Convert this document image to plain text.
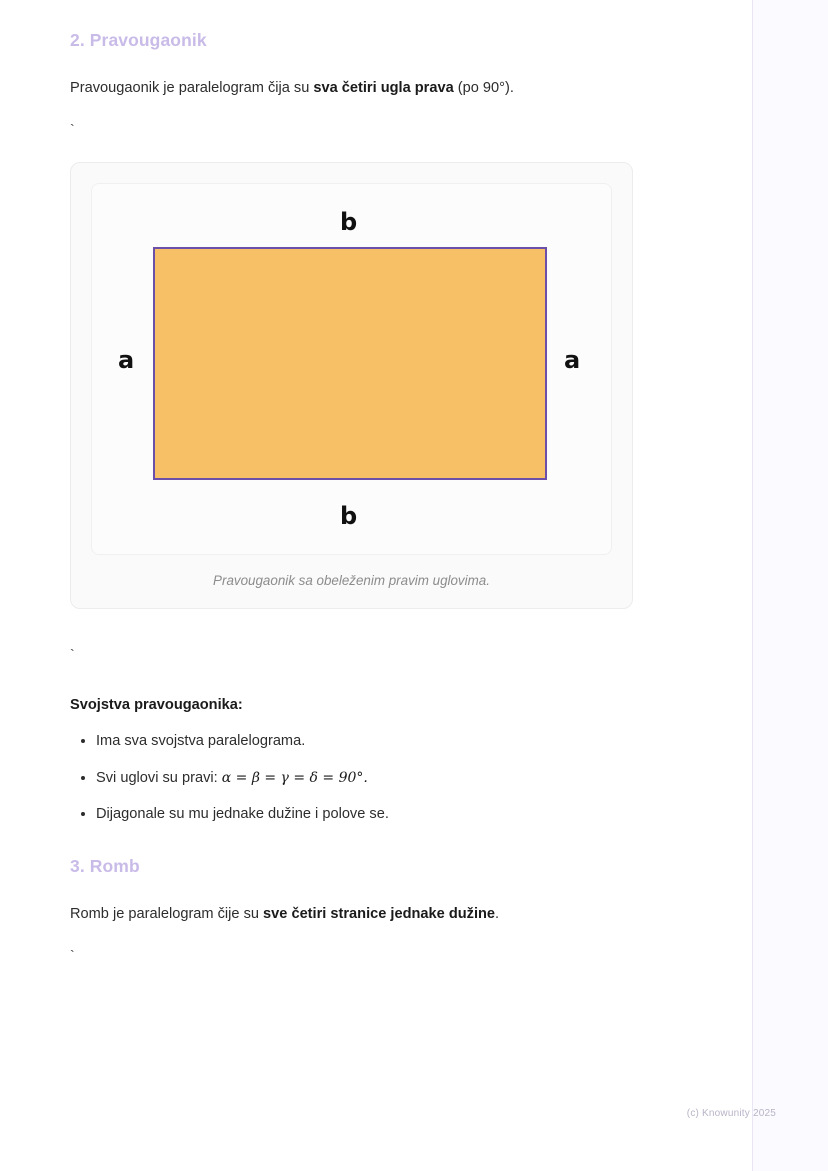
2. Pravougaonik

Pravougaonik je paralelogram čija su sva četiri ugla prava (po 90°).

`

b
b
a	a
Pravougaonik sa obeleženim pravim uglovima.

`

Svojstva pravougaonika:
• Ima sva svojstva paralelograma.
• Svi uglovi su pravi: α = β = γ = δ = 90°.
• Dijagonale su mu jednake dužine i polove se.
3. Romb

Romb je paralelogram čije su sve četiri stranice jednake dužine.

`

(c) Knowunity 2025
